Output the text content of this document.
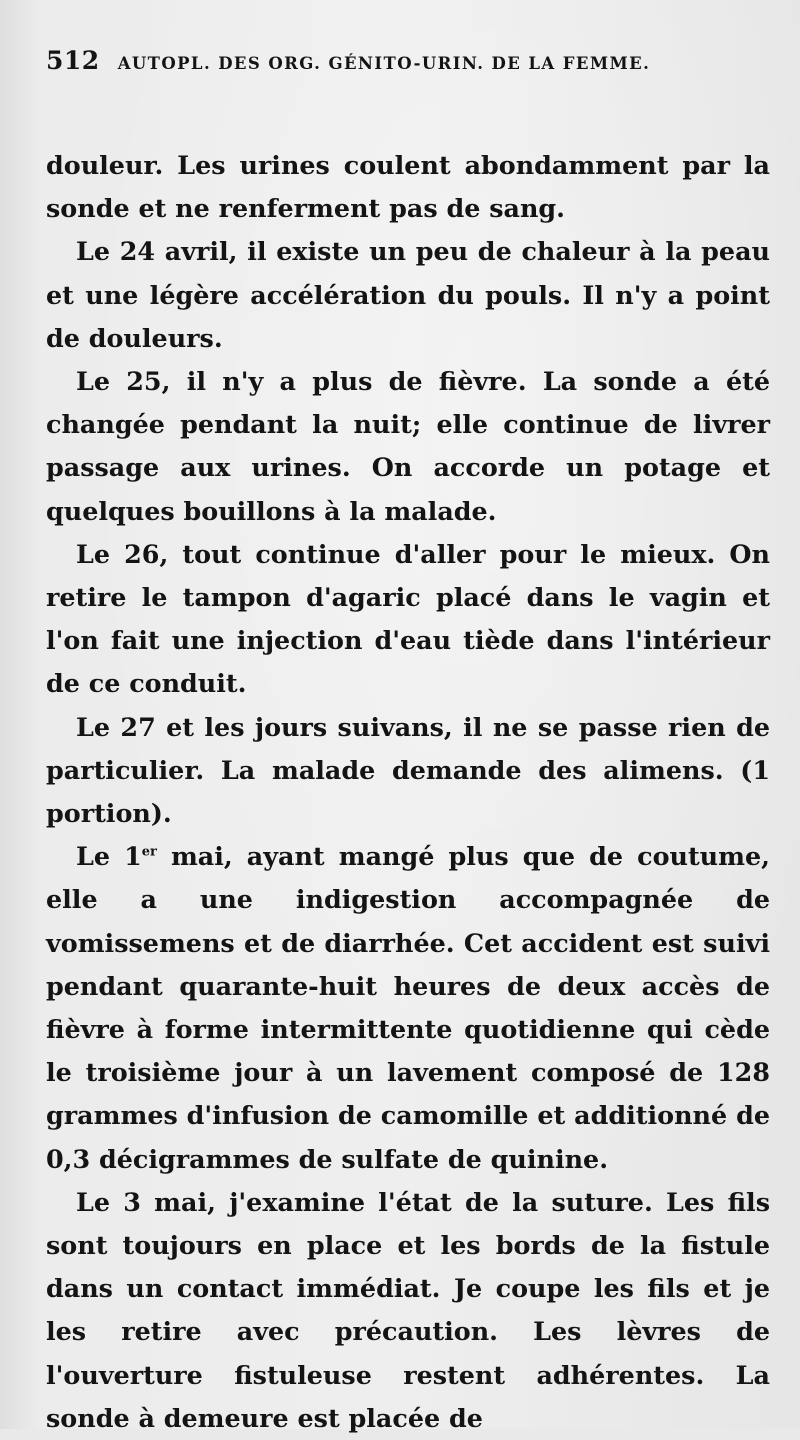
512 AUTOPL. DES ORG. GÉNITO-URIN. DE LA FEMME.

douleur. Les urines coulent abondamment par la sonde et ne renferment pas de sang.

Le 24 avril, il existe un peu de chaleur à la peau et une légère accélération du pouls. Il n'y a point de douleurs.

Le 25, il n'y a plus de fièvre. La sonde a été changée pendant la nuit; elle continue de livrer passage aux urines. On accorde un potage et quelques bouillons à la malade.

Le 26, tout continue d'aller pour le mieux. On retire le tampon d'agaric placé dans le vagin et l'on fait une injection d'eau tiède dans l'intérieur de ce conduit.

Le 27 et les jours suivans, il ne se passe rien de particulier. La malade demande des alimens. (1 portion).

Le 1er mai, ayant mangé plus que de coutume, elle a une indigestion accompagnée de vomissemens et de diarrhée. Cet accident est suivi pendant quarante-huit heures de deux accès de fièvre à forme intermittente quotidienne qui cède le troisième jour à un lavement composé de 128 grammes d'infusion de camomille et additionné de 0,3 décigrammes de sulfate de quinine.

Le 3 mai, j'examine l'état de la suture. Les fils sont toujours en place et les bords de la fistule dans un contact immédiat. Je coupe les fils et je les retire avec précaution. Les lèvres de l'ouverture fistuleuse restent adhérentes. La sonde à demeure est placée de
